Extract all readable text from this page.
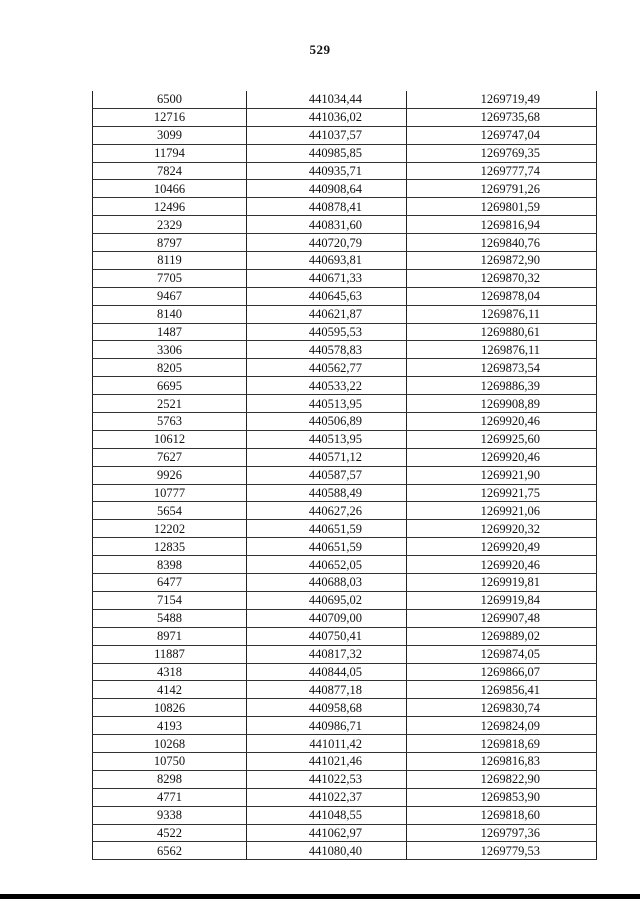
529
6500	441034,44	1269719,49
12716	441036,02	1269735,68
3099	441037,57	1269747,04
11794	440985,85	1269769,35
7824	440935,71	1269777,74
10466	440908,64	1269791,26
12496	440878,41	1269801,59
2329	440831,60	1269816,94
8797	440720,79	1269840,76
8119	440693,81	1269872,90
7705	440671,33	1269870,32
9467	440645,63	1269878,04
8140	440621,87	1269876,11
1487	440595,53	1269880,61
3306	440578,83	1269876,11
8205	440562,77	1269873,54
6695	440533,22	1269886,39
2521	440513,95	1269908,89
5763	440506,89	1269920,46
10612	440513,95	1269925,60
7627	440571,12	1269920,46
9926	440587,57	1269921,90
10777	440588,49	1269921,75
5654	440627,26	1269921,06
12202	440651,59	1269920,32
12835	440651,59	1269920,49
8398	440652,05	1269920,46
6477	440688,03	1269919,81
7154	440695,02	1269919,84
5488	440709,00	1269907,48
8971	440750,41	1269889,02
11887	440817,32	1269874,05
4318	440844,05	1269866,07
4142	440877,18	1269856,41
10826	440958,68	1269830,74
4193	440986,71	1269824,09
10268	441011,42	1269818,69
10750	441021,46	1269816,83
8298	441022,53	1269822,90
4771	441022,37	1269853,90
9338	441048,55	1269818,60
4522	441062,97	1269797,36
6562	441080,40	1269779,53
